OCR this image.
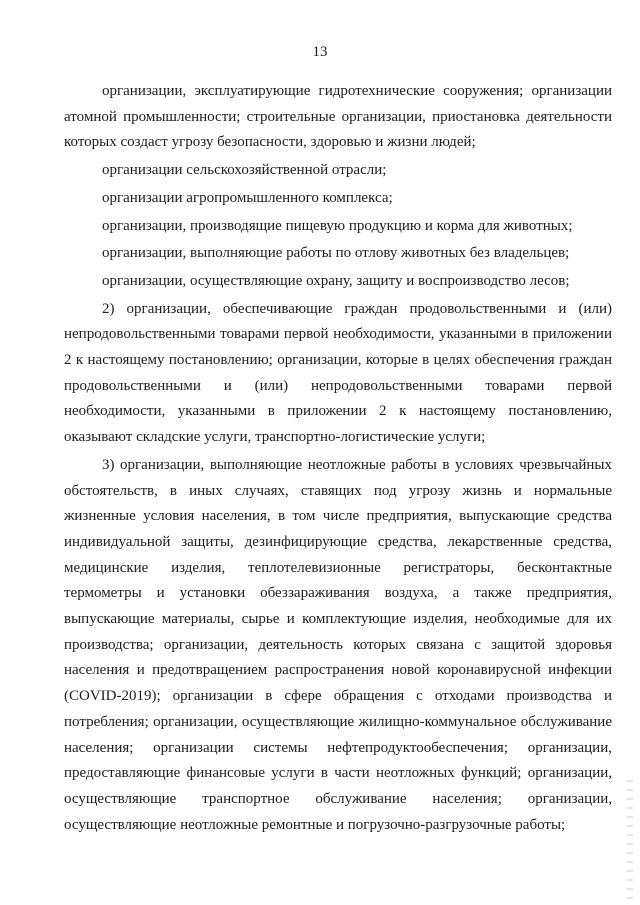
13

организации, эксплуатирующие гидротехнические сооружения; организации атомной промышленности; строительные организации, приостановка деятельности которых создаст угрозу безопасности, здоровью и жизни людей;

организации сельскохозяйственной отрасли;

организации агропромышленного комплекса;

организации, производящие пищевую продукцию и корма для животных;

организации, выполняющие работы по отлову животных без владельцев;

организации, осуществляющие охрану, защиту и воспроизводство лесов;

2) организации, обеспечивающие граждан продовольственными и (или) непродовольственными товарами первой необходимости, указанными в приложении 2 к настоящему постановлению; организации, которые в целях обеспечения граждан продовольственными и (или) непродовольственными товарами первой необходимости, указанными в приложении 2 к настоящему постановлению, оказывают складские услуги, транспортно-логистические услуги;

3) организации, выполняющие неотложные работы в условиях чрезвычайных обстоятельств, в иных случаях, ставящих под угрозу жизнь и нормальные жизненные условия населения, в том числе предприятия, выпускающие средства индивидуальной защиты, дезинфицирующие средства, лекарственные средства, медицинские изделия, теплотелевизионные регистраторы, бесконтактные термометры и установки обеззараживания воздуха, а также предприятия, выпускающие материалы, сырье и комплектующие изделия, необходимые для их производства; организации, деятельность которых связана с защитой здоровья населения и предотвращением распространения новой коронавирусной инфекции (COVID-2019); организации в сфере обращения с отходами производства и потребления; организации, осуществляющие жилищно-коммунальное обслуживание населения; организации системы нефтепродуктообеспечения; организации, предоставляющие финансовые услуги в части неотложных функций; организации, осуществляющие транспортное обслуживание населения; организации, осуществляющие неотложные ремонтные и погрузочно-разгрузочные работы;
